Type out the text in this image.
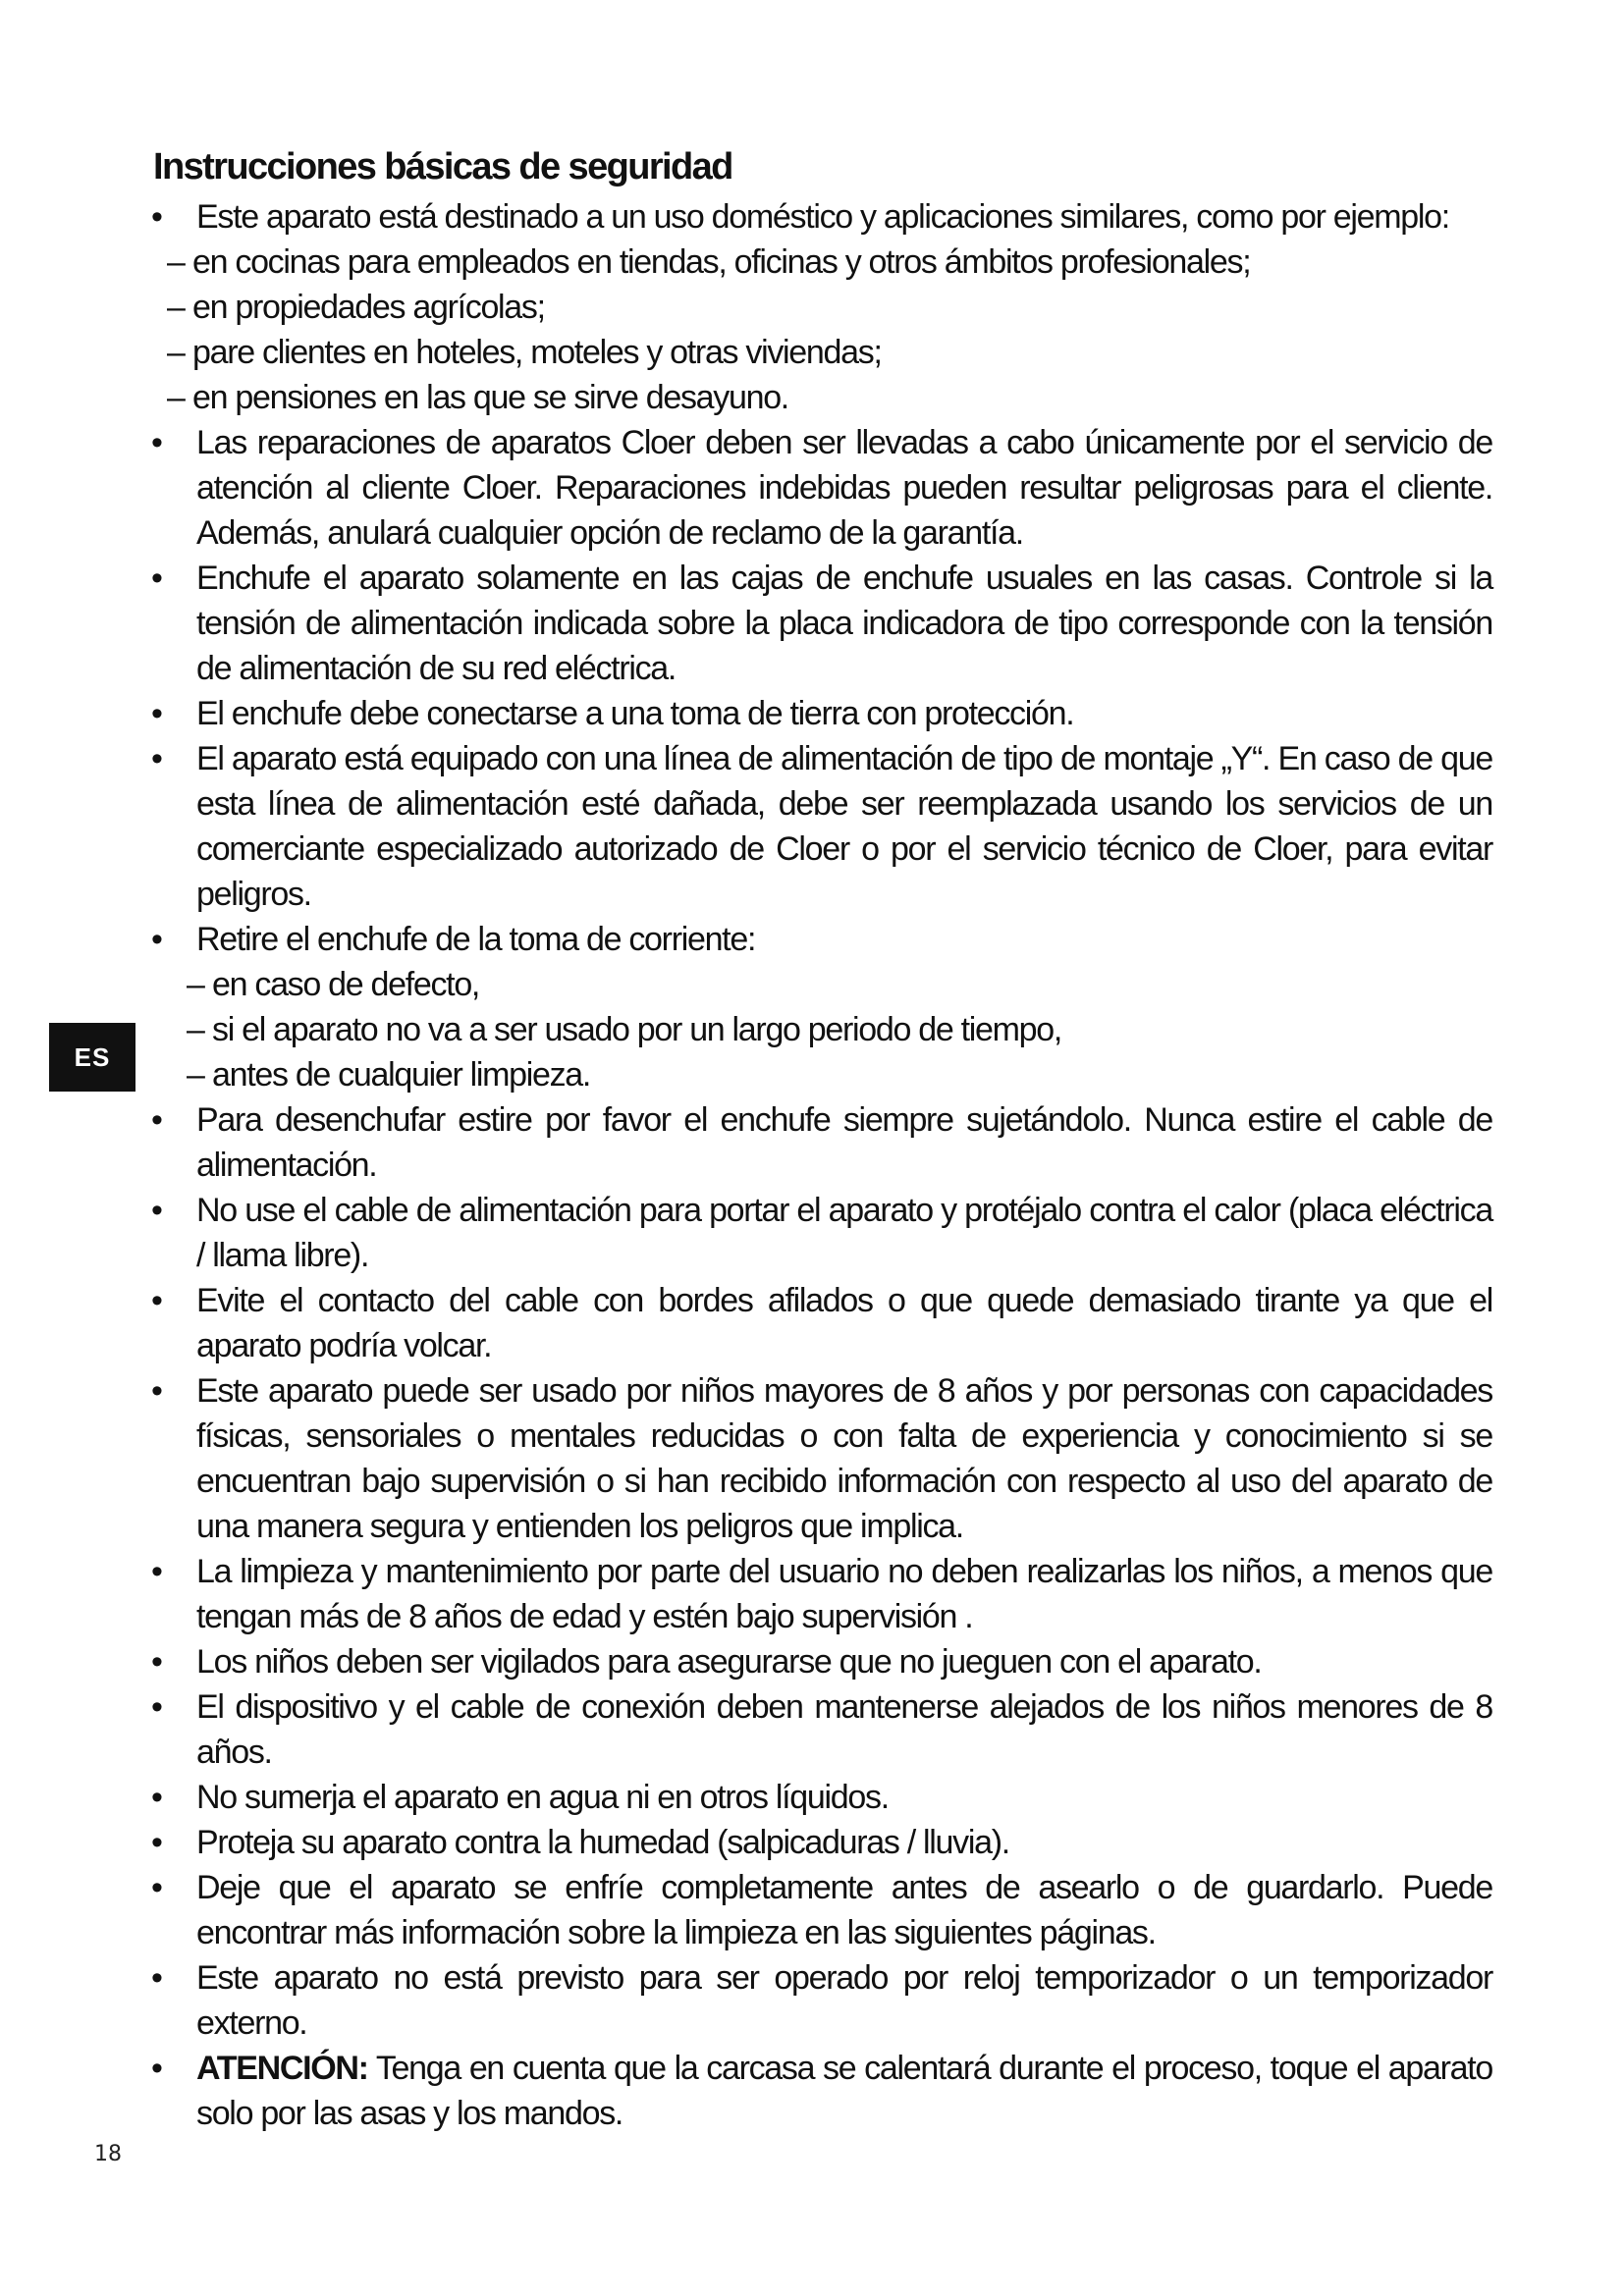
Instrucciones básicas de seguridad

• Este aparato está destinado a un uso doméstico y aplicaciones similares, como por ejemplo:

– en cocinas para empleados en tiendas, oficinas y otros ámbitos profesionales;

– en propiedades agrícolas;

– pare clientes en hoteles, moteles y otras viviendas;

– en pensiones en las que se sirve desayuno.

• Las reparaciones de aparatos Cloer deben ser llevadas a cabo únicamente por el servicio de atención al cliente Cloer. Reparaciones indebidas pueden resultar peligrosas para el cliente. Además, anulará cualquier opción de reclamo de la garantía.

• Enchufe el aparato solamente en las cajas de enchufe usuales en las casas. Controle si la tensión de alimentación indicada sobre la placa indicadora de tipo corresponde con la tensión de alimentación de su red eléctrica.

• El enchufe debe conectarse a una toma de tierra con protección.

• El aparato está equipado con una línea de alimentación de tipo de montaje „Y“. En caso de que esta línea de alimentación esté dañada, debe ser reemplazada usando los servicios de un comerciante especializado autorizado de Cloer o por el servicio técnico de Cloer, para evitar peligros.

• Retire el enchufe de la toma de corriente:

– en caso de defecto,

– si el aparato no va a ser usado por un largo periodo de tiempo,

– antes de cualquier limpieza.

• Para desenchufar estire por favor el enchufe siempre sujetándolo. Nunca estire el cable de alimentación.

• No use el cable de alimentación para portar el aparato y protéjalo contra el calor (placa eléctrica / llama libre).

• Evite el contacto del cable con bordes afilados o que quede demasiado tirante ya que el aparato podría volcar.

• Este aparato puede ser usado por niños mayores de 8 años y por personas con capacidades físicas, sensoriales o mentales reducidas o con falta de experiencia y conocimiento si se encuentran bajo supervisión o si han recibido información con respecto al uso del aparato de una manera segura y entienden los peligros que implica.

• La limpieza y mantenimiento por parte del usuario no deben realizarlas los niños, a menos que tengan más de 8 años de edad y estén bajo supervisión .

• Los niños deben ser vigilados para asegurarse que no jueguen con el aparato.

• El dispositivo y el cable de conexión deben mantenerse alejados de los niños menores de 8 años.

• No sumerja el aparato en agua ni en otros líquidos.

• Proteja su aparato contra la humedad (salpicaduras / lluvia).

• Deje que el aparato se enfríe completamente antes de asearlo o de guardarlo. Puede encontrar más información sobre la limpieza en las siguientes páginas.

• Este aparato no está previsto para ser operado por reloj temporizador o un temporizador externo.

• ATENCIÓN: Tenga en cuenta que la carcasa se calentará durante el proceso, toque el aparato solo por las asas y los mandos.

ES
18
